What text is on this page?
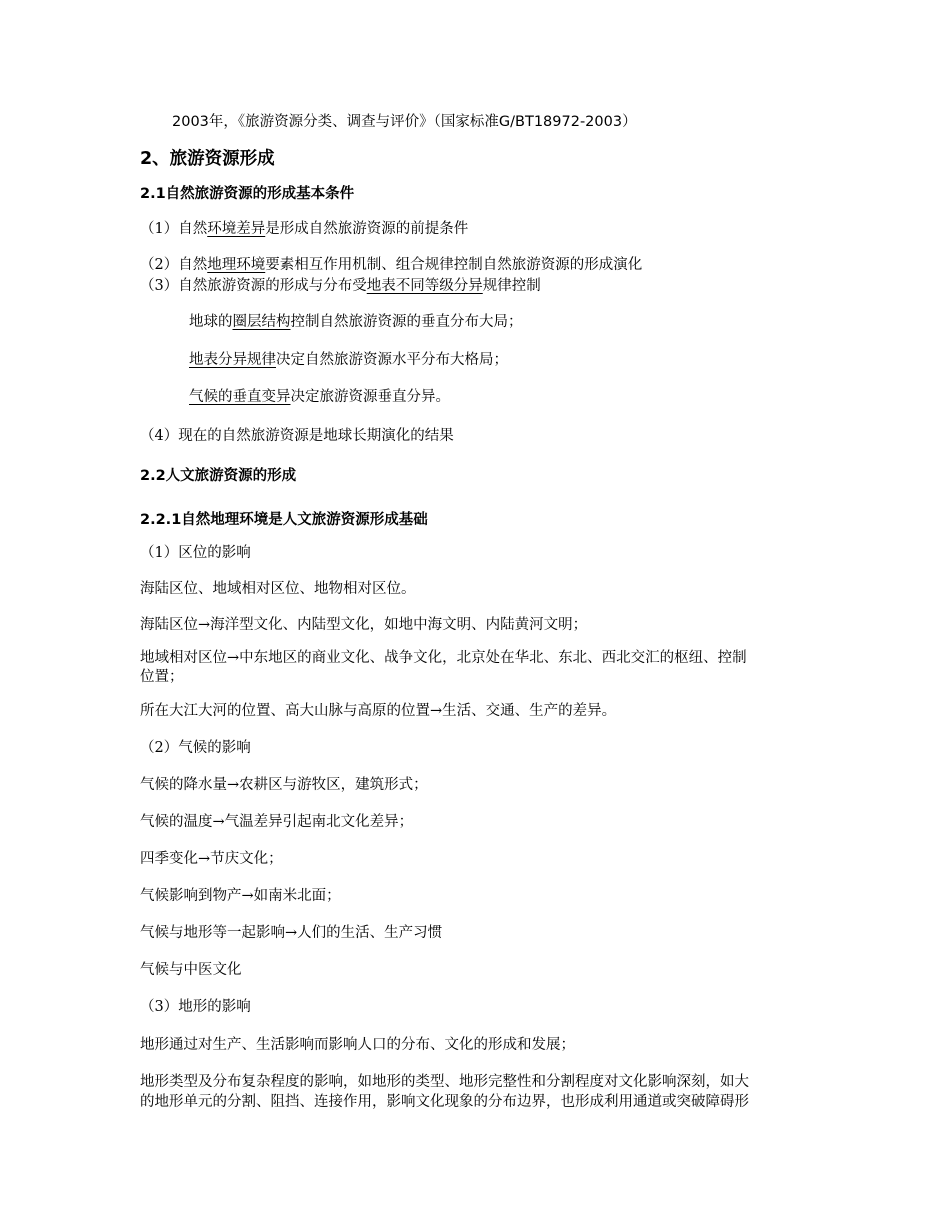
2003年，《旅游资源分类、调查与评价》（国家标准G/BT18972-2003）
2、旅游资源形成
2.1自然旅游资源的形成基本条件
（1）自然环境差异是形成自然旅游资源的前提条件
（2）自然地理环境要素相互作用机制、组合规律控制自然旅游资源的形成演化
（3）自然旅游资源的形成与分布受地表不同等级分异规律控制
地球的圈层结构控制自然旅游资源的垂直分布大局；
地表分异规律决定自然旅游资源水平分布大格局；
气候的垂直变异决定旅游资源垂直分异。
（4）现在的自然旅游资源是地球长期演化的结果
2.2人文旅游资源的形成
2.2.1自然地理环境是人文旅游资源形成基础
（1）区位的影响
海陆区位、地域相对区位、地物相对区位。
海陆区位→海洋型文化、内陆型文化，如地中海文明、内陆黄河文明；
地域相对区位→中东地区的商业文化、战争文化，北京处在华北、东北、西北交汇的枢纽、控制
位置；
所在大江大河的位置、高大山脉与高原的位置→生活、交通、生产的差异。
（2）气候的影响
气候的降水量→农耕区与游牧区，建筑形式；
气候的温度→气温差异引起南北文化差异；
四季变化→节庆文化；
气候影响到物产→如南米北面；
气候与地形等一起影响→人们的生活、生产习惯
气候与中医文化
（3）地形的影响
地形通过对生产、生活影响而影响人口的分布、文化的形成和发展；
地形类型及分布复杂程度的影响，如地形的类型、地形完整性和分割程度对文化影响深刻，如大
的地形单元的分割、阻挡、连接作用，影响文化现象的分布边界，也形成利用通道或突破障碍形
